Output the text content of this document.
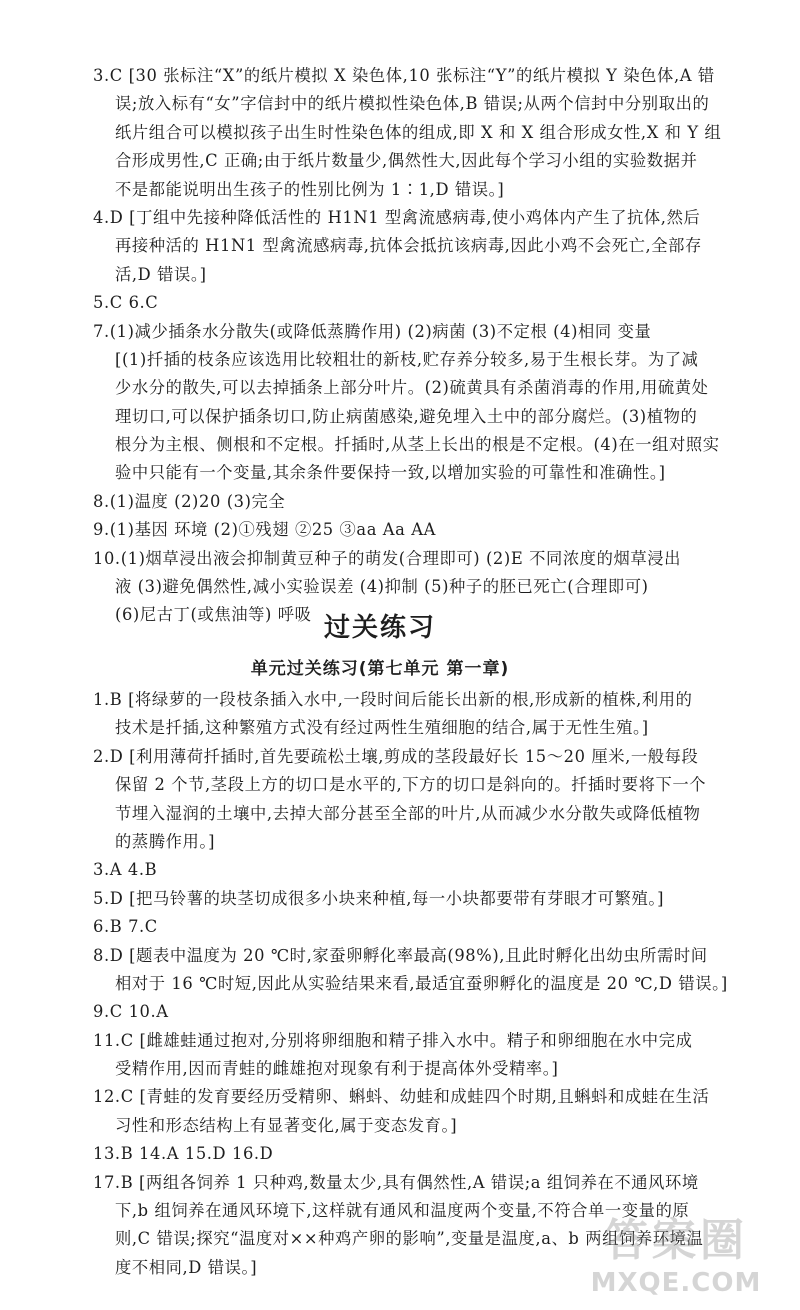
3.C [30 张标注“X”的纸片模拟 X 染色体,10 张标注“Y”的纸片模拟 Y 染色体,A 错
误;放入标有“女”字信封中的纸片模拟性染色体,B 错误;从两个信封中分别取出的
纸片组合可以模拟孩子出生时性染色体的组成,即 X 和 X 组合形成女性,X 和 Y 组
合形成男性,C 正确;由于纸片数量少,偶然性大,因此每个学习小组的实验数据并
不是都能说明出生孩子的性别比例为 1∶1,D 错误。]
4.D [丁组中先接种降低活性的 H1N1 型禽流感病毒,使小鸡体内产生了抗体,然后
再接种活的 H1N1 型禽流感病毒,抗体会抵抗该病毒,因此小鸡不会死亡,全部存
活,D 错误。]
5.C 6.C
7.(1)减少插条水分散失(或降低蒸腾作用) (2)病菌 (3)不定根 (4)相同 变量
[(1)扦插的枝条应该选用比较粗壮的新枝,贮存养分较多,易于生根长芽。为了减
少水分的散失,可以去掉插条上部分叶片。(2)硫黄具有杀菌消毒的作用,用硫黄处
理切口,可以保护插条切口,防止病菌感染,避免埋入土中的部分腐烂。(3)植物的
根分为主根、侧根和不定根。扦插时,从茎上长出的根是不定根。(4)在一组对照实
验中只能有一个变量,其余条件要保持一致,以增加实验的可靠性和准确性。]
8.(1)温度 (2)20 (3)完全
9.(1)基因 环境 (2)①残翅 ②25 ③aa Aa AA
10.(1)烟草浸出液会抑制黄豆种子的萌发(合理即可) (2)E 不同浓度的烟草浸出
液 (3)避免偶然性,减小实验误差 (4)抑制 (5)种子的胚已死亡(合理即可)
(6)尼古丁(或焦油等) 呼吸 过关练习
单元过关练习(第七单元 第一章)
1.B [将绿萝的一段枝条插入水中,一段时间后能长出新的根,形成新的植株,利用的
技术是扦插,这种繁殖方式没有经过两性生殖细胞的结合,属于无性生殖。]
2.D [利用薄荷扦插时,首先要疏松土壤,剪成的茎段最好长 15～20 厘米,一般每段
保留 2 个节,茎段上方的切口是水平的,下方的切口是斜向的。扦插时要将下一个
节埋入湿润的土壤中,去掉大部分甚至全部的叶片,从而减少水分散失或降低植物
的蒸腾作用。]
3.A 4.B
5.D [把马铃薯的块茎切成很多小块来种植,每一小块都要带有芽眼才可繁殖。]
6.B 7.C
8.D [题表中温度为 20 ℃时,家蚕卵孵化率最高(98%),且此时孵化出幼虫所需时间
相对于 16 ℃时短,因此从实验结果来看,最适宜蚕卵孵化的温度是 20 ℃,D 错误。]
9.C 10.A
11.C [雌雄蛙通过抱对,分别将卵细胞和精子排入水中。精子和卵细胞在水中完成
受精作用,因而青蛙的雌雄抱对现象有利于提高体外受精率。]
12.C [青蛙的发育要经历受精卵、蝌蚪、幼蛙和成蛙四个时期,且蝌蚪和成蛙在生活
习性和形态结构上有显著变化,属于变态发育。]
13.B 14.A 15.D 16.D
17.B [两组各饲养 1 只种鸡,数量太少,具有偶然性,A 错误;a 组饲养在不通风环境
下,b 组饲养在通风环境下,这样就有通风和温度两个变量,不符合单一变量的原
则,C 错误;探究“温度对××种鸡产卵的影响”,变量是温度,a、b 两组饲养环境温
度不相同,D 错误。]
答案圈
MXQE.COM
